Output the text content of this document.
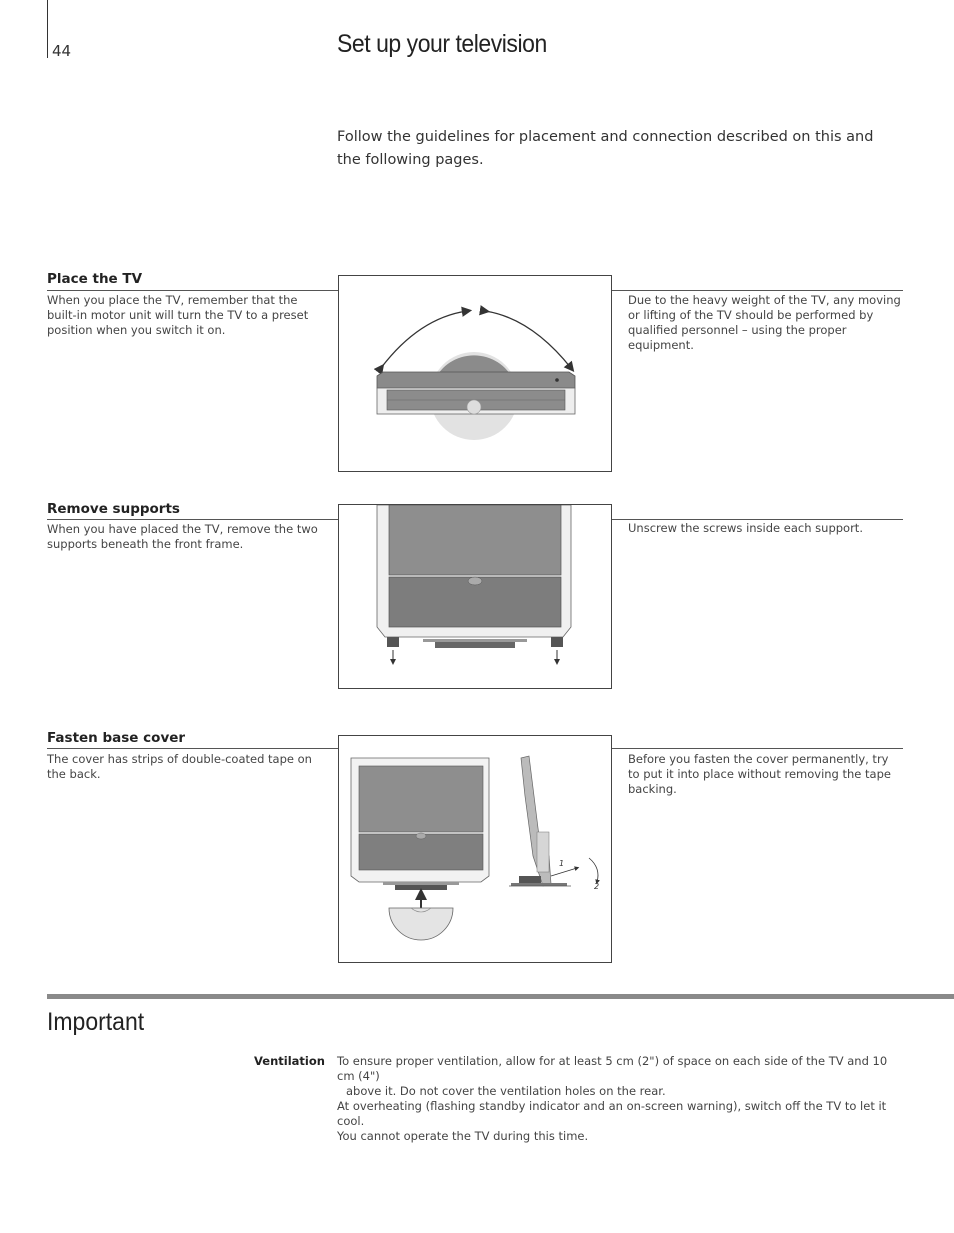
44	Set up your television
Follow the guidelines for placement and connection described on this and the following pages.
Place the TV
When you place the TV, remember that the built-in motor unit will turn the TV to a preset position when you switch it on.
Due to the heavy weight of the TV, any moving or lifting of the TV should be performed by qualified personnel – using the proper equipment.
Remove supports
When you have placed the TV, remove the two supports beneath the front frame.
Unscrew the screws inside each support.
Fasten base cover
The cover has strips of double-coated tape on the back.
Before you fasten the cover permanently, try to put it into place without removing the tape backing.
1
2
Important
Ventilation To ensure proper ventilation, allow for at least 5 cm (2") of space on each side of the TV and 10 cm (4")

above it. Do not cover the ventilation holes on the rear.

At overheating (flashing standby indicator and an on-screen warning), switch off the TV to let it cool.

You cannot operate the TV during this time.
